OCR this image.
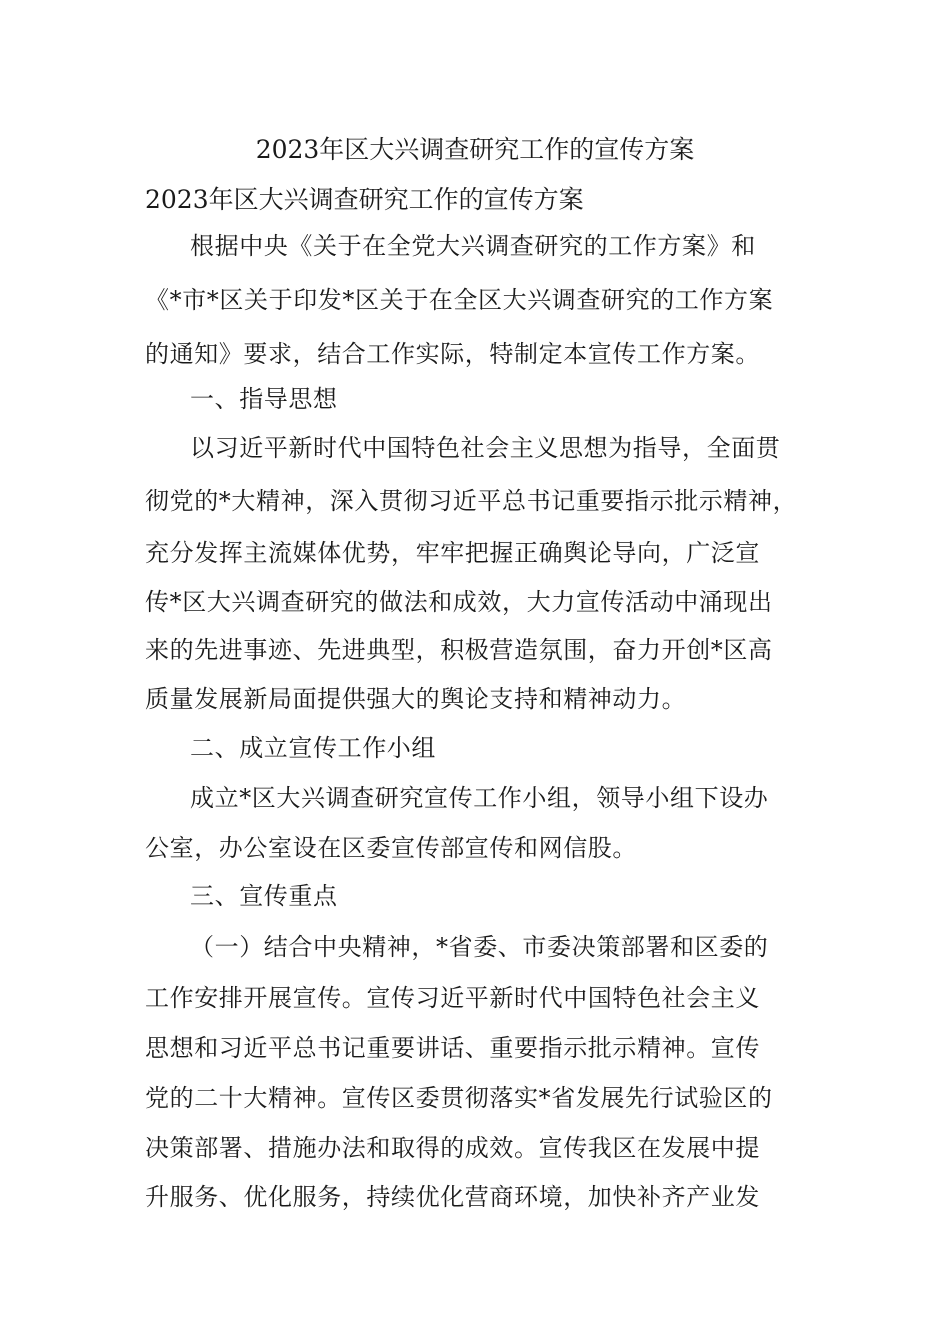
2023年区大兴调查研究工作的宣传方案
2023年区大兴调查研究工作的宣传方案
根据中央《关于在全党大兴调查研究的工作方案》和
《*市*区关于印发*区关于在全区大兴调查研究的工作方案
的通知》要求，结合工作实际，特制定本宣传工作方案。
一、指导思想
以习近平新时代中国特色社会主义思想为指导，全面贯
彻党的*大精神，深入贯彻习近平总书记重要指示批示精神，
充分发挥主流媒体优势，牢牢把握正确舆论导向，广泛宣
传*区大兴调查研究的做法和成效，大力宣传活动中涌现出
来的先进事迹、先进典型，积极营造氛围，奋力开创*区高
质量发展新局面提供强大的舆论支持和精神动力。
二、成立宣传工作小组
成立*区大兴调查研究宣传工作小组，领导小组下设办
公室，办公室设在区委宣传部宣传和网信股。
三、宣传重点
（一）结合中央精神，*省委、市委决策部署和区委的
工作安排开展宣传。宣传习近平新时代中国特色社会主义
思想和习近平总书记重要讲话、重要指示批示精神。宣传
党的二十大精神。宣传区委贯彻落实*省发展先行试验区的
决策部署、措施办法和取得的成效。宣传我区在发展中提
升服务、优化服务，持续优化营商环境，加快补齐产业发
